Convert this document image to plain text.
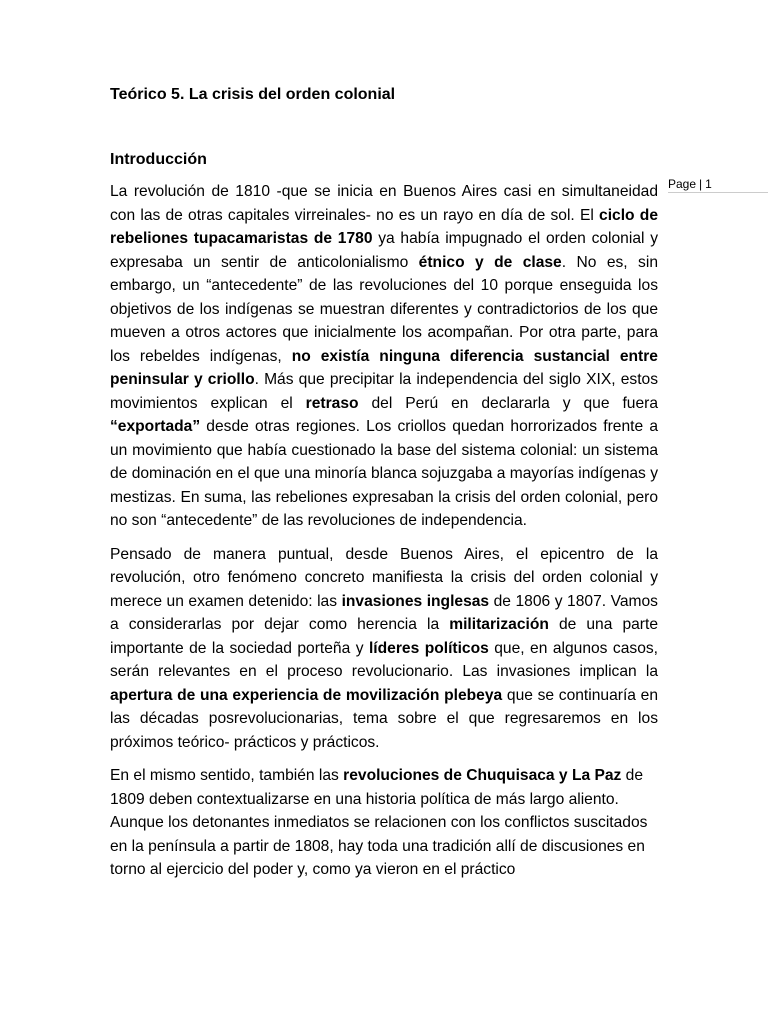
Teórico 5. La crisis del orden colonial
Introducción
Page | 1

La revolución de 1810 -que se inicia en Buenos Aires casi en simultaneidad con las de otras capitales virreinales- no es un rayo en día de sol. El ciclo de rebeliones tupacamaristas de 1780 ya había impugnado el orden colonial y expresaba un sentir de anticolonialismo étnico y de clase. No es, sin embargo, un “antecedente” de las revoluciones del 10 porque enseguida los objetivos de los indígenas se muestran diferentes y contradictorios de los que mueven a otros actores que inicialmente los acompañan. Por otra parte, para los rebeldes indígenas, no existía ninguna diferencia sustancial entre peninsular y criollo. Más que precipitar la independencia del siglo XIX, estos movimientos explican el retraso del Perú en declararla y que fuera “exportada” desde otras regiones. Los criollos quedan horrorizados frente a un movimiento que había cuestionado la base del sistema colonial: un sistema de dominación en el que una minoría blanca sojuzgaba a mayorías indígenas y mestizas. En suma, las rebeliones expresaban la crisis del orden colonial, pero no son “antecedente” de las revoluciones de independencia.

Pensado de manera puntual, desde Buenos Aires, el epicentro de la revolución, otro fenómeno concreto manifiesta la crisis del orden colonial y merece un examen detenido: las invasiones inglesas de 1806 y 1807. Vamos a considerarlas por dejar como herencia la militarización de una parte importante de la sociedad porteña y líderes políticos que, en algunos casos, serán relevantes en el proceso revolucionario. Las invasiones implican la apertura de una experiencia de movilización plebeya que se continuaría en las décadas posrevolucionarias, tema sobre el que regresaremos en los próximos teórico- prácticos y prácticos.

En el mismo sentido, también las revoluciones de Chuquisaca y La Paz de 1809 deben contextualizarse en una historia política de más largo aliento. Aunque los detonantes inmediatos se relacionen con los conflictos suscitados en la península a partir de 1808, hay toda una tradición allí de discusiones en torno al ejercicio del poder y, como ya vieron en el práctico
